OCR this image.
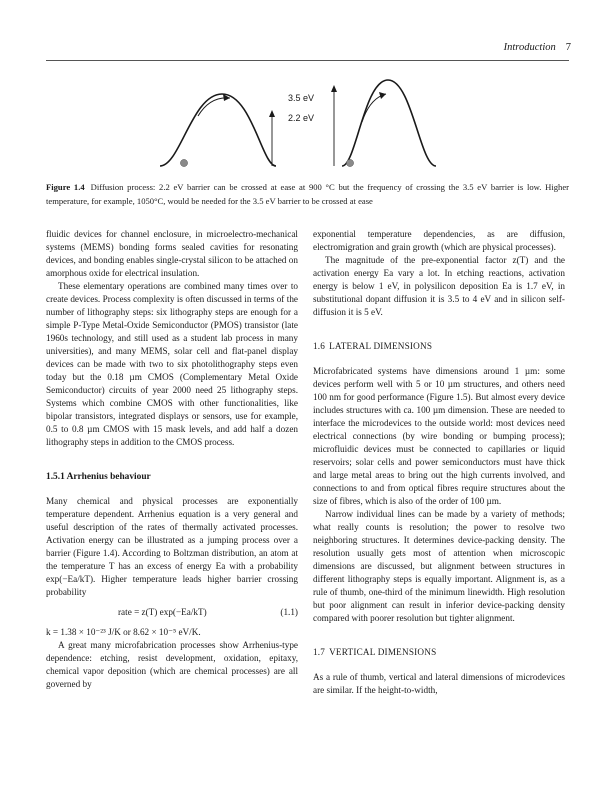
Introduction 7
3.5 eV
2.2 eV
Figure 1.4 Diffusion process: 2.2 eV barrier can be crossed at ease at 900 °C but the frequency of crossing the 3.5 eV barrier is low. Higher temperature, for example, 1050°C, would be needed for the 3.5 eV barrier to be crossed at ease

fluidic devices for channel enclosure, in microelectro-mechanical systems (MEMS) bonding forms sealed cavities for resonating devices, and bonding enables single-crystal silicon to be attached on amorphous oxide for electrical insulation.

These elementary operations are combined many times over to create devices. Process complexity is often discussed in terms of the number of lithography steps: six lithography steps are enough for a simple P-Type Metal-Oxide Semiconductor (PMOS) transistor (late 1960s technology, and still used as a student lab process in many universities), and many MEMS, solar cell and flat-panel display devices can be made with two to six photolithography steps even today but the 0.18 µm CMOS (Complementary Metal Oxide Semiconductor) circuits of year 2000 need 25 lithography steps. Systems which combine CMOS with other functionalities, like bipolar transistors, integrated displays or sensors, use for example, 0.5 to 0.8 µm CMOS with 15 mask levels, and add half a dozen lithography steps in addition to the CMOS process.

1.5.1 Arrhenius behaviour

Many chemical and physical processes are exponentially temperature dependent. Arrhenius equation is a very general and useful description of the rates of thermally activated processes. Activation energy can be illustrated as a jumping process over a barrier (Figure 1.4). According to Boltzman distribution, an atom at the temperature T has an excess of energy Ea with a probability exp(−Ea/kT). Higher temperature leads higher barrier crossing probability

rate = z(T) exp(−Ea/kT)	(1.1)

k = 1.38 × 10⁻²³ J/K or 8.62 × 10⁻⁵ eV/K.

A great many microfabrication processes show Arrhenius-type dependence: etching, resist development, oxidation, epitaxy, chemical vapor deposition (which are chemical processes) are all governed by

exponential temperature dependencies, as are diffusion, electromigration and grain growth (which are physical processes).

The magnitude of the pre-exponential factor z(T) and the activation energy Ea vary a lot. In etching reactions, activation energy is below 1 eV, in polysilicon deposition Ea is 1.7 eV, in substitutional dopant diffusion it is 3.5 to 4 eV and in silicon self-diffusion it is 5 eV.

1.6 LATERAL DIMENSIONS

Microfabricated systems have dimensions around 1 µm: some devices perform well with 5 or 10 µm structures, and others need 100 nm for good performance (Figure 1.5). But almost every device includes structures with ca. 100 µm dimension. These are needed to interface the microdevices to the outside world: most devices need electrical connections (by wire bonding or bumping process); microfluidic devices must be connected to capillaries or liquid reservoirs; solar cells and power semiconductors must have thick and large metal areas to bring out the high currents involved, and connections to and from optical fibres require structures about the size of fibres, which is also of the order of 100 µm.

Narrow individual lines can be made by a variety of methods; what really counts is resolution; the power to resolve two neighboring structures. It determines device-packing density. The resolution usually gets most of attention when microscopic dimensions are discussed, but alignment between structures in different lithography steps is equally important. Alignment is, as a rule of thumb, one-third of the minimum linewidth. High resolution but poor alignment can result in inferior device-packing density compared with poorer resolution but tighter alignment.

1.7 VERTICAL DIMENSIONS

As a rule of thumb, vertical and lateral dimensions of microdevices are similar. If the height-to-width,
